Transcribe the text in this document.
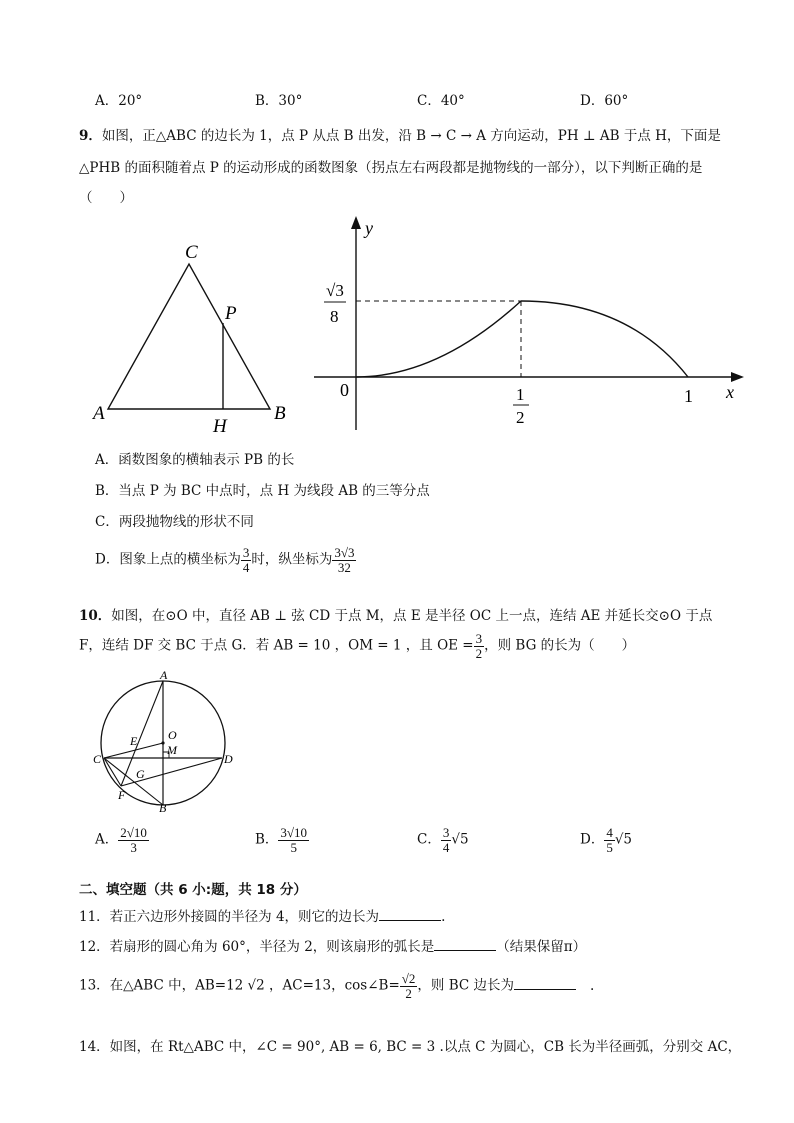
A．20°	B．30°	C．40°	D．60°
9．如图，正△ABC 的边长为 1，点 P 从点 B 出发，沿 B → C → A 方向运动，PH ⊥ AB 于点 H，下面是
△PHB 的面积随着点 P 的运动形成的函数图象（拐点左右两段都是抛物线的一部分），以下判断正确的是
（　　）
C
P
A	B
H
y
x
0
√3
8
1
2
1
A．函数图象的横轴表示 PB 的长
B．当点 P 为 BC 中点时，点 H 为线段 AB 的三等分点
C．两段抛物线的形状不同
D．图象上点的横坐标为 $\frac{3}{4}$ 时，纵坐标为 $\frac{3√3}{32}$
10．如图，在⊙O 中，直径 AB ⊥ 弦 CD 于点 M，点 E 是半径 OC 上一点，连结 AE 并延长交⊙O 于点
F，连结 DF 交 BC 于点 G．若 AB = 10 ，OM = 1 ，且 OE = $\frac{3}{2}$ ，则 BG 的长为（　　）
A
B
C	D
O
E
M
G
F
A． $\frac{2√10}{3}$	B． $\frac{3√10}{5}$	C． $\frac{3}{4} √5$	D． $\frac{4}{5} √5$
二、填空题（共 6 小:题，共 18 分）
11．若正六边形外接圆的半径为 4，则它的边长为	.
12．若扇形的圆心角为 60°，半径为 2，则该扇形的弧长是	（结果保留π）
13．在△ABC 中，AB=12 √2 ，AC=13，cos∠B= $\frac{√2}{2}$ ，则 BC 边长为	.
14．如图，在 Rt△ABC 中，∠C = 90°, AB = 6, BC = 3 .以点 C 为圆心，CB 长为半径画弧，分别交 AC，
